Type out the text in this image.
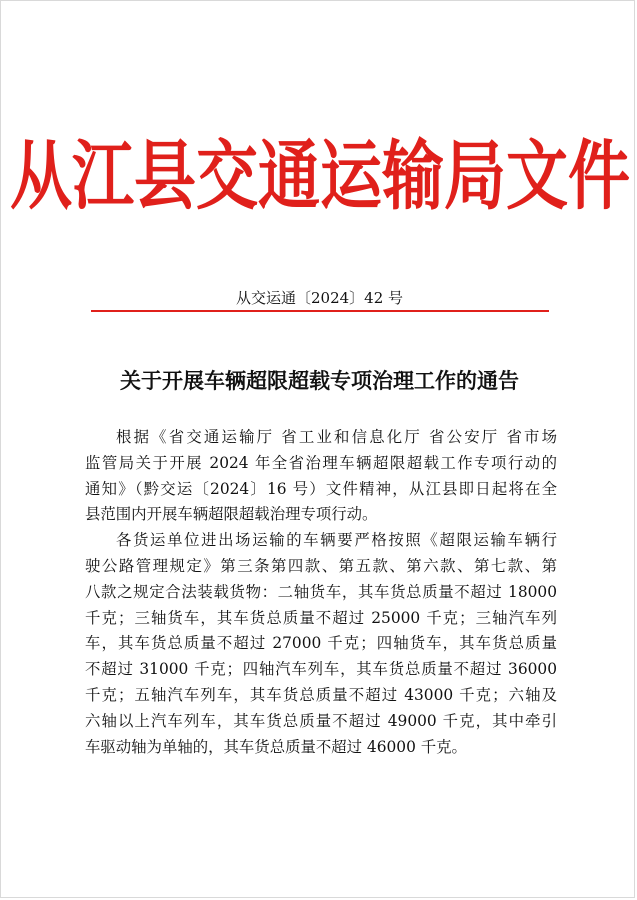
从江县交通运输局文件
从交运通〔2024〕42 号
关于开展车辆超限超载专项治理工作的通告

根据《省交通运输厅 省工业和信息化厅 省公安厅 省市场
监管局关于开展 2024 年全省治理车辆超限超载工作专项行动的
通知》（黔交运〔2024〕16 号）文件精神，从江县即日起将在全
县范围内开展车辆超限超载治理专项行动。

各货运单位进出场运输的车辆要严格按照《超限运输车辆行
驶公路管理规定》第三条第四款、第五款、第六款、第七款、第
八款之规定合法装载货物：二轴货车，其车货总质量不超过 18000
千克；三轴货车，其车货总质量不超过 25000 千克；三轴汽车列
车，其车货总质量不超过 27000 千克；四轴货车，其车货总质量
不超过 31000 千克；四轴汽车列车，其车货总质量不超过 36000
千克；五轴汽车列车，其车货总质量不超过 43000 千克；六轴及
六轴以上汽车列车，其车货总质量不超过 49000 千克，其中牵引
车驱动轴为单轴的，其车货总质量不超过 46000 千克。
